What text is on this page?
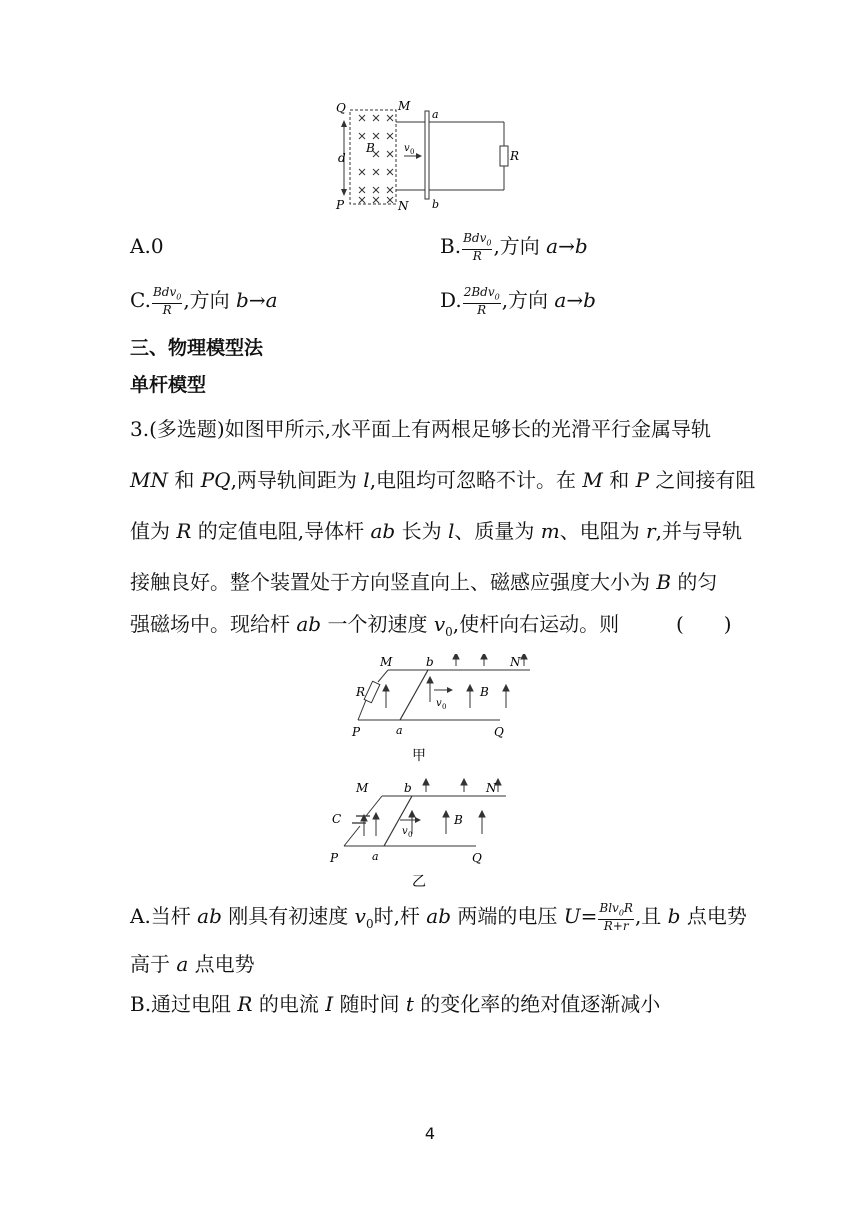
Q	M
P	N
a
b
d
B	v 0	R
A.0	B. $\frac{Bdv_0}{R}$ ,方向 a→b
C. $\frac{Bdv_0}{R}$ ,方向 b→a	D. $\frac{2Bdv_0}{R}$ ,方向 a→b
三、物理模型法
单杆模型
3.(多选题)如图甲所示,水平面上有两根足够长的光滑平行金属导轨
MN 和 PQ,两导轨间距为 l,电阻均可忽略不计。在 M 和 P 之间接有阻
值为 R 的定值电阻,导体杆 ab 长为 l、质量为 m、电阻为 r,并与导轨
接触良好。整个装置处于方向竖直向上、磁感应强度大小为 B 的匀
强磁场中。现给杆 ab 一个初速度 $v_0$,使杆向右运动。则	(　　)
M	b	N
R
v 0
B
P	a	Q
甲
M	b	N
C
v 0
B
P	a	Q
乙
A.当杆 ab 刚具有初速度 $v_0$时,杆 ab 两端的电压 $U= \frac{Blv_0R}{R+r}$ ,且 b 点电势
高于 a 点电势
B.通过电阻 R 的电流 I 随时间 t 的变化率的绝对值逐渐减小
4
